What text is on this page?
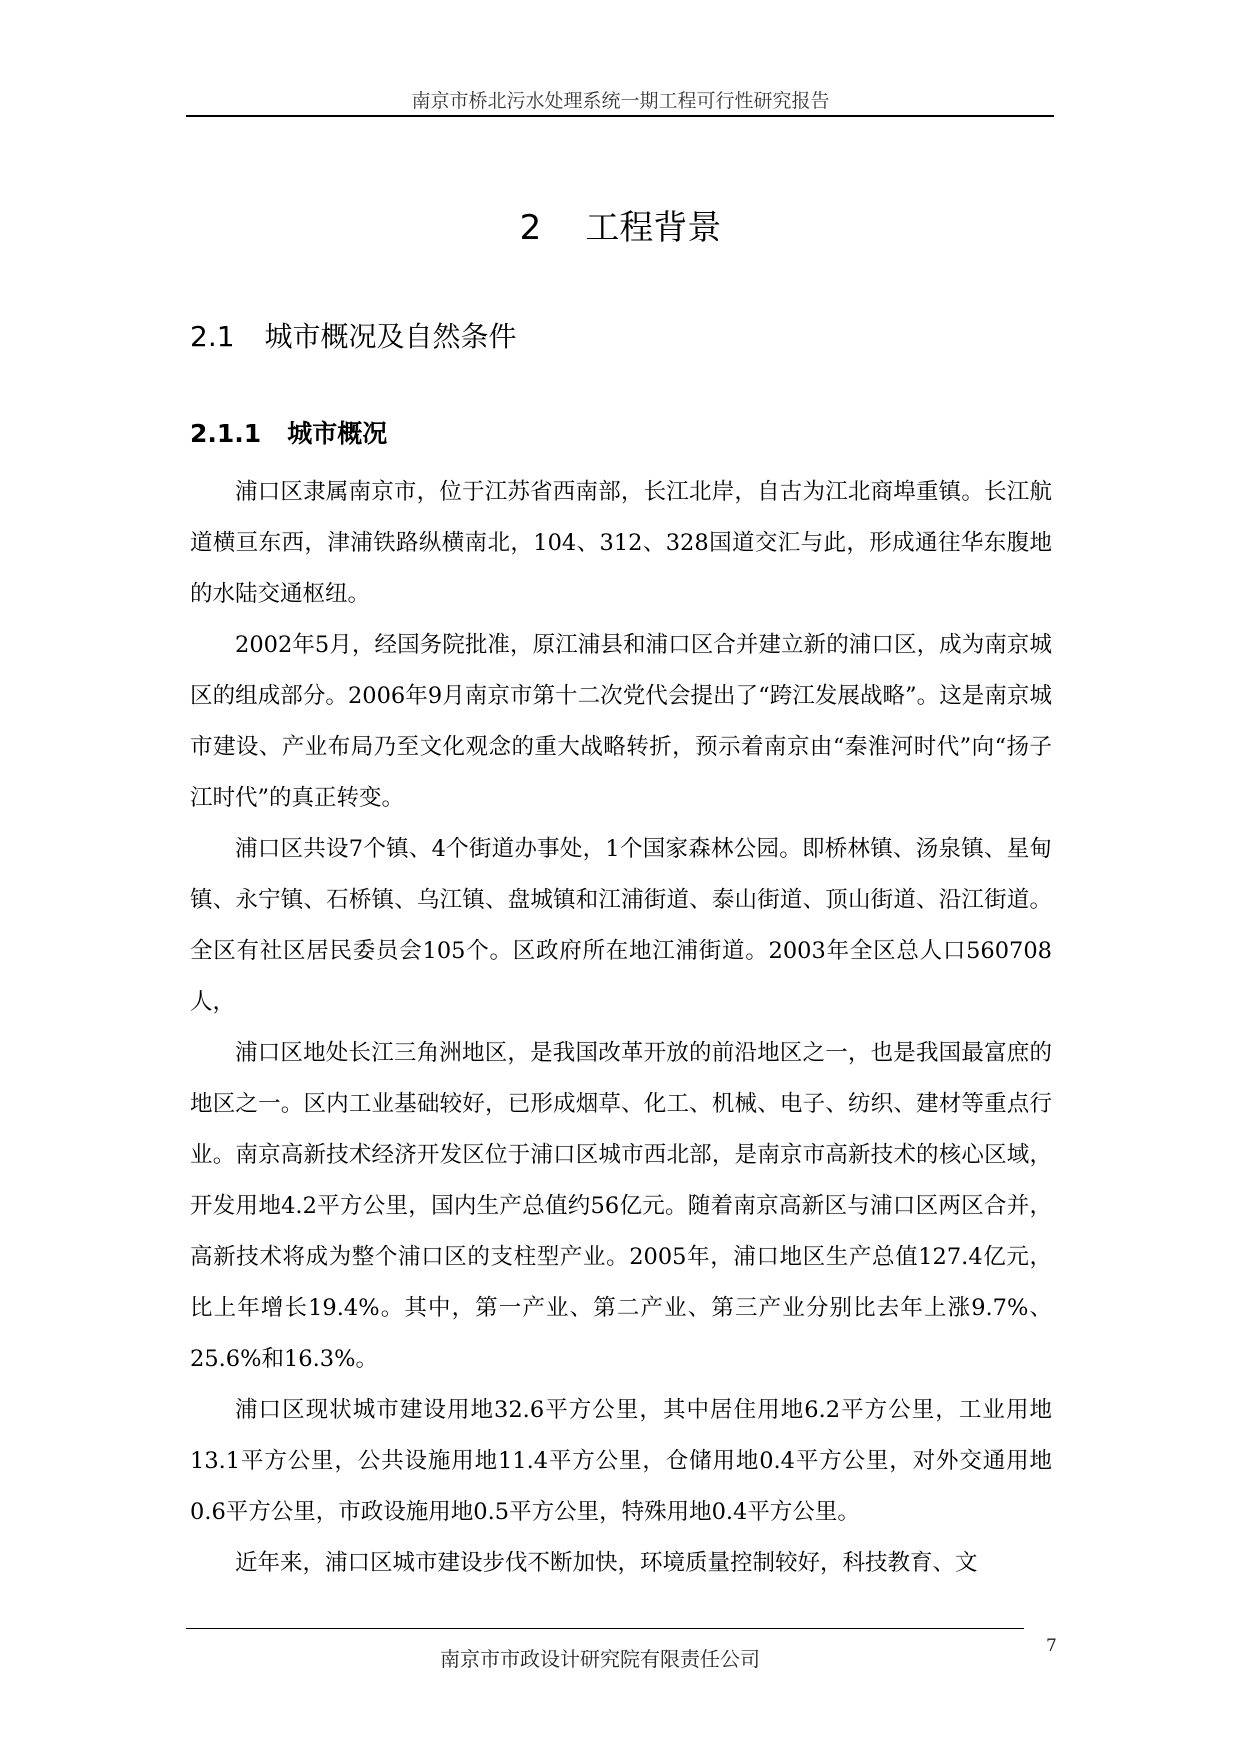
南京市桥北污水处理系统一期工程可行性研究报告
2 工程背景
2.1 城市概况及自然条件
2.1.1 城市概况

浦口区隶属南京市，位于江苏省西南部，长江北岸，自古为江北商埠重镇。长江航道横亘东西，津浦铁路纵横南北，104、312、328国道交汇与此，形成通往华东腹地的水陆交通枢纽。

2002年5月，经国务院批准，原江浦县和浦口区合并建立新的浦口区，成为南京城区的组成部分。2006年9月南京市第十二次党代会提出了“跨江发展战略”。这是南京城市建设、产业布局乃至文化观念的重大战略转折，预示着南京由“秦淮河时代”向“扬子江时代”的真正转变。

浦口区共设7个镇、4个街道办事处，1个国家森林公园。即桥林镇、汤泉镇、星甸镇、永宁镇、石桥镇、乌江镇、盘城镇和江浦街道、泰山街道、顶山街道、沿江街道。全区有社区居民委员会105个。区政府所在地江浦街道。2003年全区总人口560708人，

浦口区地处长江三角洲地区，是我国改革开放的前沿地区之一，也是我国最富庶的地区之一。区内工业基础较好，已形成烟草、化工、机械、电子、纺织、建材等重点行业。南京高新技术经济开发区位于浦口区城市西北部，是南京市高新技术的核心区域，开发用地4.2平方公里，国内生产总值约56亿元。随着南京高新区与浦口区两区合并，高新技术将成为整个浦口区的支柱型产业。2005年，浦口地区生产总值127.4亿元，比上年增长19.4%。其中，第一产业、第二产业、第三产业分别比去年上涨9.7%、25.6%和16.3%。

浦口区现状城市建设用地32.6平方公里，其中居住用地6.2平方公里，工业用地13.1平方公里，公共设施用地11.4平方公里，仓储用地0.4平方公里，对外交通用地0.6平方公里，市政设施用地0.5平方公里，特殊用地0.4平方公里。

近年来，浦口区城市建设步伐不断加快，环境质量控制较好，科技教育、文

南京市市政设计研究院有限责任公司
7
